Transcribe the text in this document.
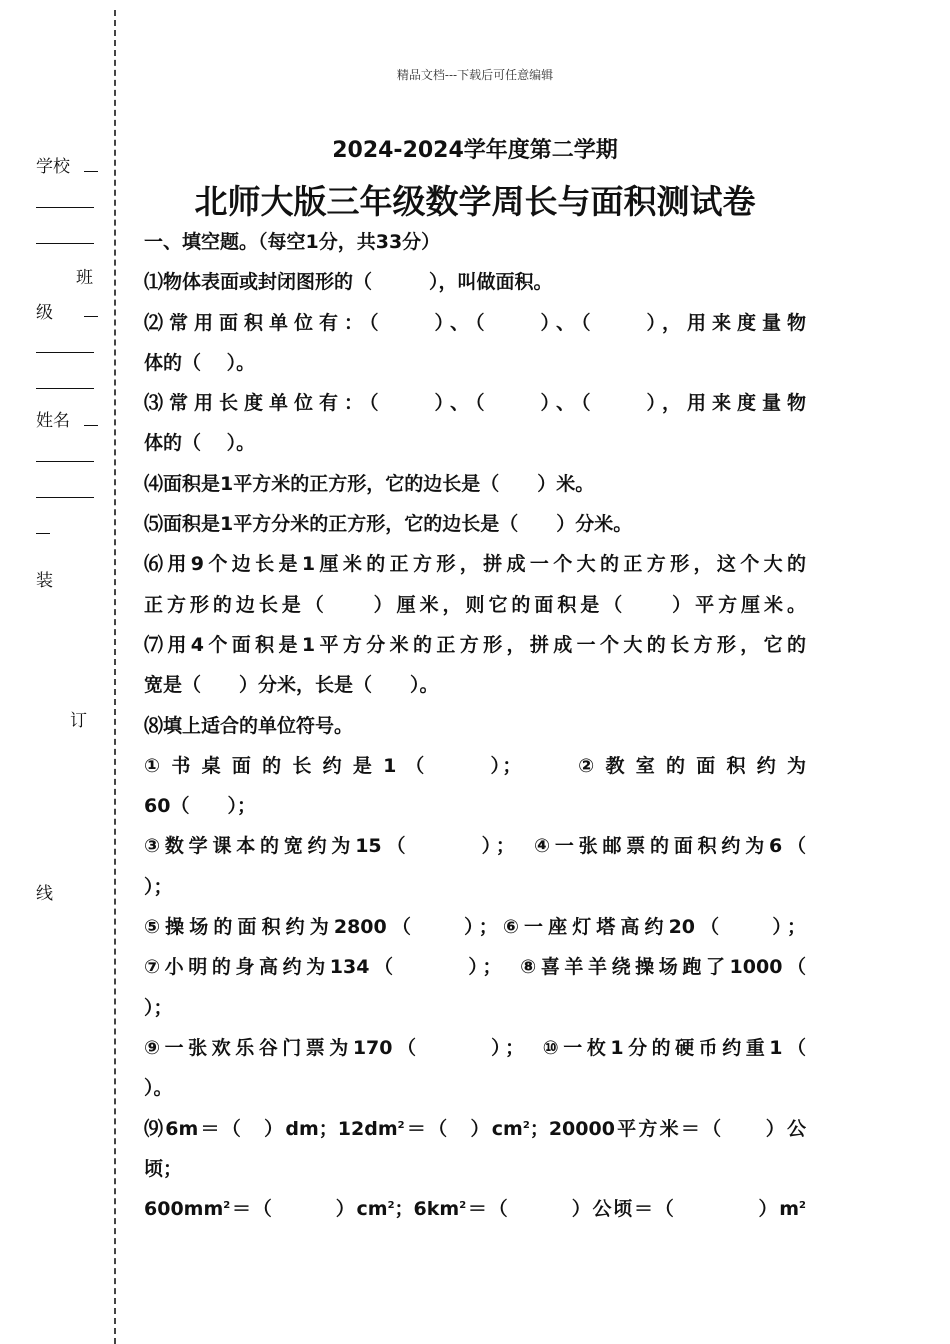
精品文档---下载后可任意编辑
学校
班
级
姓名
装
订
线
2024-2024学年度第二学期
北师大版三年级数学周长与面积测试卷
一、填空题。（每空1分，共33分）
⑴物体表面或封闭图形的（　　　），叫做面积。
⑵常用面积单位有：（　　）、（　　）、（　　），用来度量物
体的（　 ）。
⑶常用长度单位有：（　　）、（　　）、（　　），用来度量物
体的（　 ）。
⑷面积是1平方米的正方形，它的边长是（　　）米。
⑸面积是1平方分米的正方形，它的边长是（　　）分米。
⑹用9个边长是1厘米的正方形，拼成一个大的正方形，这个大的
正方形的边长是（　　）厘米，则它的面积是（　　）平方厘米。
⑺用4个面积是1平方分米的正方形，拼成一个大的长方形，它的
宽是（　　）分米，长是（　　）。
⑻填上适合的单位符号。
① 书 桌 面 的 长 约 是 1 （　　　）；　　　② 教 室 的 面 积 约 为
60（　　）；
③数学课本的宽约为15（　　　）；　④一张邮票的面积约为6（
）；
⑤操场的面积约为2800（　　）；⑥一座灯塔高约20（　　）；
⑦小明的身高约为134（　　　）；　⑧喜羊羊绕操场跑了1000（
）；
⑨一张欢乐谷门票为170（　　　）；　⑩一枚1分的硬币约重1（
）。
⑼6m＝（　）dm；$12dm^2=$（　）$cm^2$；20000平方米＝（　　）公
顷；
$600mm^2=$（　　　）$cm^2$；$6km^2=$（　　　）公顷＝（　　　　）$m^2$
